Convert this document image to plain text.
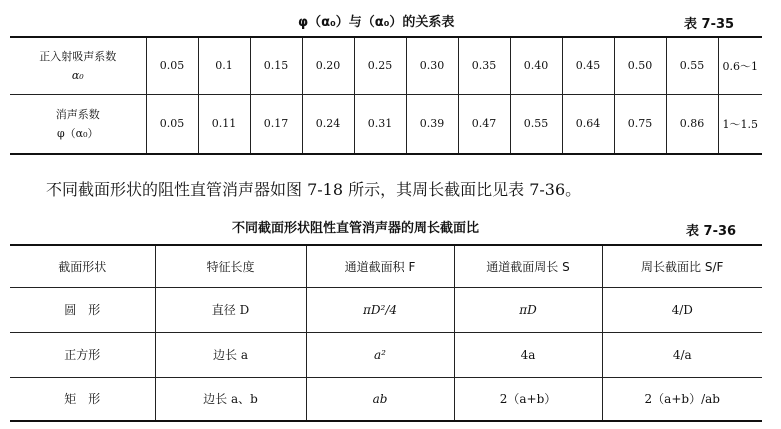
φ（α₀）与（α₀）的关系表	表 7-35
正入射吸声系数
α₀	0.05	0.1	0.15	0.20	0.25	0.30	0.35	0.40	0.45	0.50	0.55	0.6～1

消声系数
φ（α₀）	0.05	0.11	0.17	0.24	0.31	0.39	0.47	0.55	0.64	0.75	0.86	1～1.5
不同截面形状的阻性直管消声器如图 7-18 所示，其周长截面比见表 7-36。
不同截面形状阻性直管消声器的周长截面比	表 7-36
截面形状	特征长度	通道截面积 F	通道截面周长 S	周长截面比 S/F
圆　形	直径 D	πD²/4	πD	4/D
正方形	边长 a	a²	4a	4/a
矩　形	边长 a、b	ab	2（a+b）	2（a+b）/ab
